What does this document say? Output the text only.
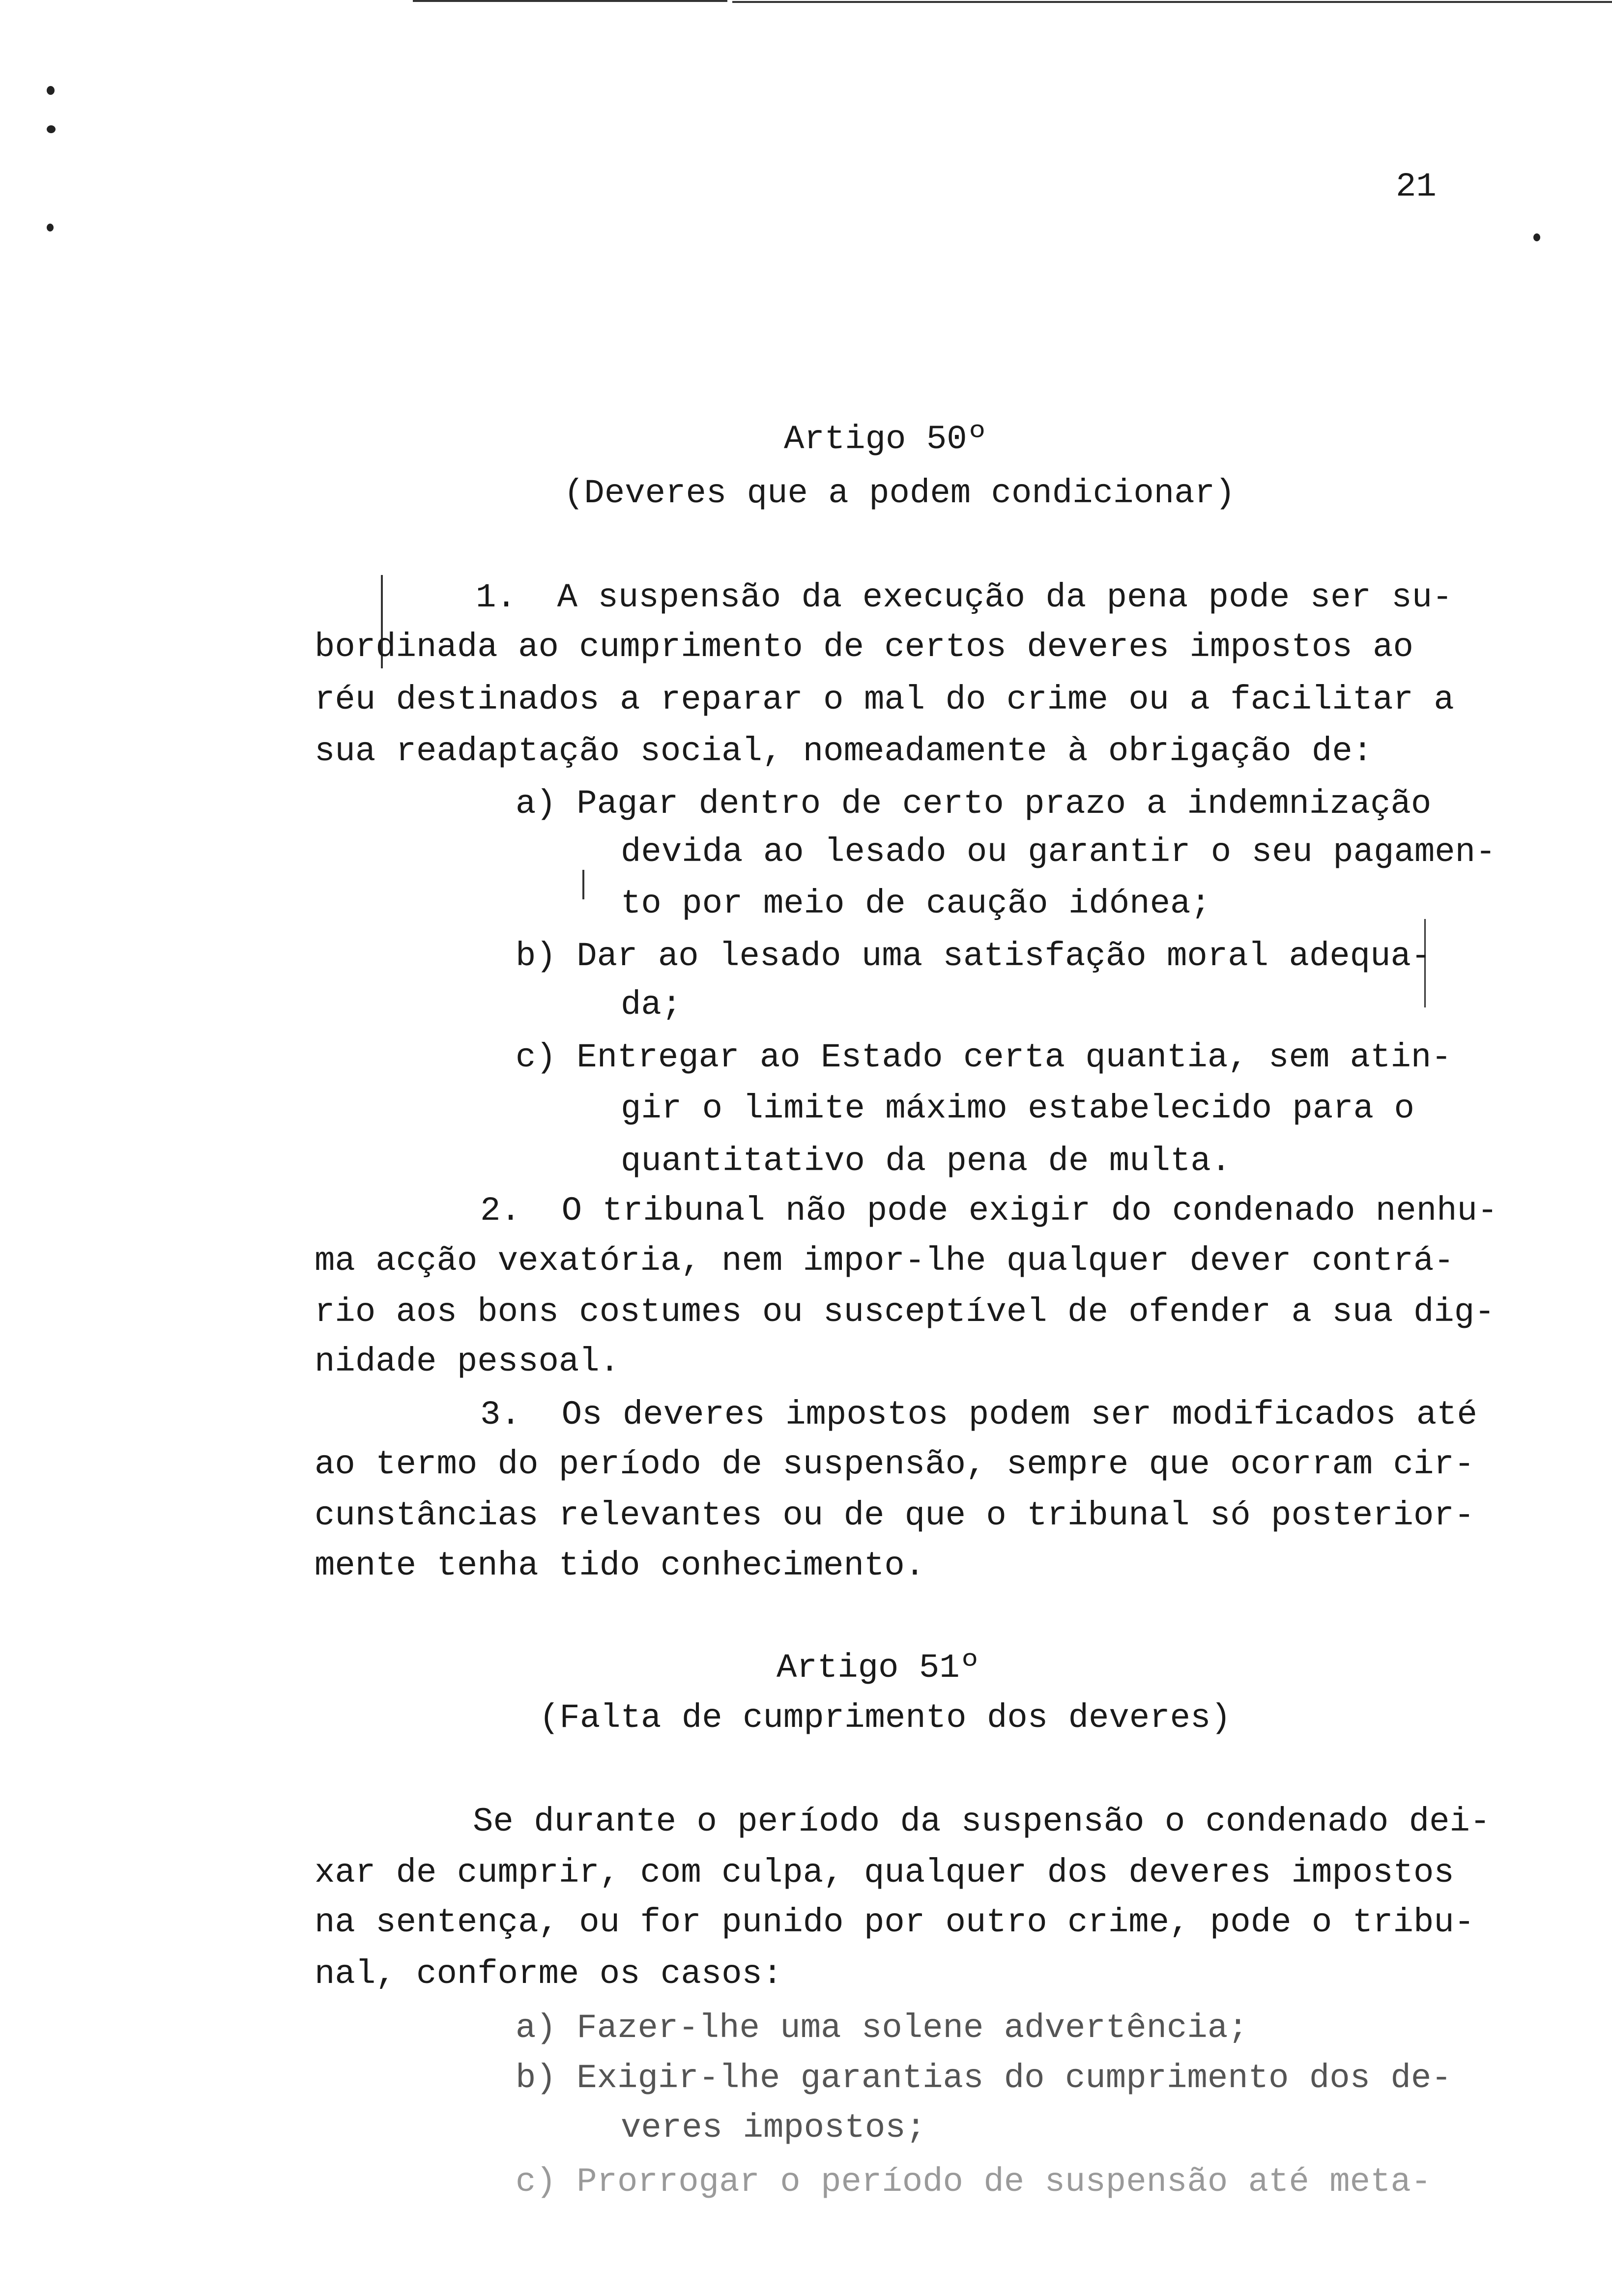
21
Artigo 50º
(Deveres que a podem condicionar)
1.  A suspensão da execução da pena pode ser su-
bordinada ao cumprimento de certos deveres impostos ao
réu destinados a reparar o mal do crime ou a facilitar a
sua readaptação social, nomeadamente à obrigação de:
a) Pagar dentro de certo prazo a indemnização
devida ao lesado ou garantir o seu pagamen-
to por meio de caução idónea;
b) Dar ao lesado uma satisfação moral adequa-
da;
c) Entregar ao Estado certa quantia, sem atin-
gir o limite máximo estabelecido para o
quantitativo da pena de multa.
2.  O tribunal não pode exigir do condenado nenhu-
ma acção vexatória, nem impor-lhe qualquer dever contrá-
rio aos bons costumes ou susceptível de ofender a sua dig-
nidade pessoal.
3.  Os deveres impostos podem ser modificados até
ao termo do período de suspensão, sempre que ocorram cir-
cunstâncias relevantes ou de que o tribunal só posterior-
mente tenha tido conhecimento.
Artigo 51º
(Falta de cumprimento dos deveres)
Se durante o período da suspensão o condenado dei-
xar de cumprir, com culpa, qualquer dos deveres impostos
na sentença, ou for punido por outro crime, pode o tribu-
nal, conforme os casos:
a) Fazer-lhe uma solene advertência;
b) Exigir-lhe garantias do cumprimento dos de-
veres impostos;
c) Prorrogar o período de suspensão até meta-
